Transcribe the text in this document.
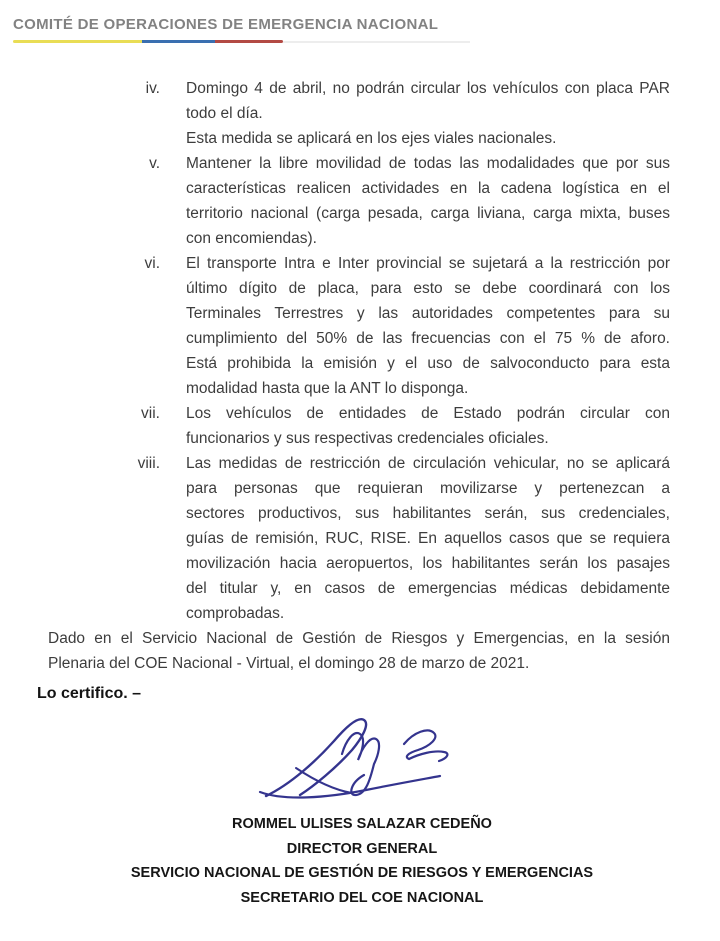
COMITÉ DE OPERACIONES DE EMERGENCIA NACIONAL
iv. Domingo 4 de abril, no podrán circular los vehículos con placa PAR
todo el día.
Esta medida se aplicará en los ejes viales nacionales.
v. Mantener la libre movilidad de todas las modalidades que por sus
características realicen actividades en la cadena logística en el
territorio nacional (carga pesada, carga liviana, carga mixta, buses
con encomiendas).
vi. El transporte Intra e Inter provincial se sujetará a la restricción por
último dígito de placa, para esto se debe coordinará con los
Terminales Terrestres y las autoridades competentes para su
cumplimiento del 50% de las frecuencias con el 75 % de aforo.
Está prohibida la emisión y el uso de salvoconducto para esta
modalidad hasta que la ANT lo disponga.
vii. Los vehículos de entidades de Estado podrán circular con
funcionarios y sus respectivas credenciales oficiales.
viii. Las medidas de restricción de circulación vehicular, no se aplicará
para personas que requieran movilizarse y pertenezcan a
sectores productivos, sus habilitantes serán, sus credenciales,
guías de remisión, RUC, RISE. En aquellos casos que se requiera
movilización hacia aeropuertos, los habilitantes serán los pasajes
del titular y, en casos de emergencias médicas debidamente
comprobadas.
Dado en el Servicio Nacional de Gestión de Riesgos y Emergencias, en la sesión
Plenaria del COE Nacional - Virtual, el domingo 28 de marzo de 2021.
Lo certifico. –
ROMMEL ULISES SALAZAR CEDEÑO
DIRECTOR GENERAL
SERVICIO NACIONAL DE GESTIÓN DE RIESGOS Y EMERGENCIAS
SECRETARIO DEL COE NACIONAL
